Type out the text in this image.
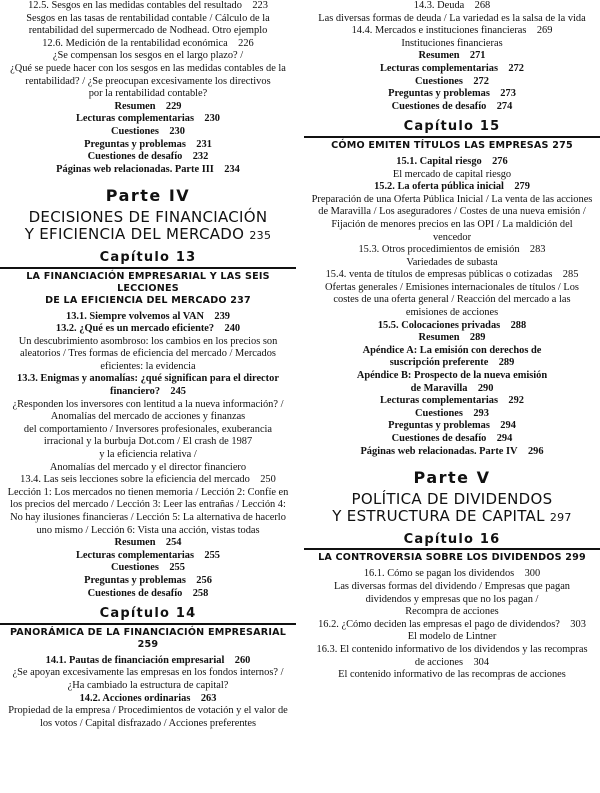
12.5. Sesgos en las medidas contables del resultado  223
Sesgos en las tasas de rentabilidad contable / Cálculo de la
rentabilidad del supermercado de Nodhead. Otro ejemplo
12.6. Medición de la rentabilidad económica  226
¿Se compensan los sesgos en el largo plazo? /
¿Qué se puede hacer con los sesgos en las medidas contables de la
rentabilidad? / ¿Se preocupan excesivamente los directivos
por la rentabilidad contable?
Resumen  229
Lecturas complementarias  230
Cuestiones  230
Preguntas y problemas  231
Cuestiones de desafío  232
Páginas web relacionadas. Parte III  234
Parte IV
DECISIONES DE FINANCIACIÓN
Y EFICIENCIA DEL MERCADO 235
Capítulo 13
LA FINANCIACIÓN EMPRESARIAL Y LAS SEIS LECCIONES
DE LA EFICIENCIA DEL MERCADO 237
13.1. Siempre volvemos al VAN  239
13.2. ¿Qué es un mercado eficiente?  240
Un descubrimiento asombroso: los cambios en los precios son
aleatorios / Tres formas de eficiencia del mercado / Mercados
eficientes: la evidencia
13.3. Enigmas y anomalías: ¿qué significan para el director
financiero?  245
¿Responden los inversores con lentitud a la nueva información? /
Anomalías del mercado de acciones y finanzas
del comportamiento / Inversores profesionales, exuberancia
irracional y la burbuja Dot.com / El crash de 1987
y la eficiencia relativa /
Anomalías del mercado y el director financiero
13.4. Las seis lecciones sobre la eficiencia del mercado  250
Lección 1: Los mercados no tienen memoria / Lección 2: Confíe en
los precios del mercado / Lección 3: Leer las entrañas / Lección 4:
No hay ilusiones financieras / Lección 5: La alternativa de hacerlo
uno mismo / Lección 6: Vista una acción, vistas todas
Resumen  254
Lecturas complementarias  255
Cuestiones  255
Preguntas y problemas  256
Cuestiones de desafío  258
Capítulo 14
PANORÁMICA DE LA FINANCIACIÓN EMPRESARIAL 259
14.1. Pautas de financiación empresarial  260
¿Se apoyan excesivamente las empresas en los fondos internos? /
¿Ha cambiado la estructura de capital?
14.2. Acciones ordinarias  263
Propiedad de la empresa / Procedimientos de votación y el valor de
los votos / Capital disfrazado / Acciones preferentes
14.3. Deuda  268
Las diversas formas de deuda / La variedad es la salsa de la vida
14.4. Mercados e instituciones financieras  269
Instituciones financieras
Resumen  271
Lecturas complementarias  272
Cuestiones  272
Preguntas y problemas  273
Cuestiones de desafío  274
Capítulo 15
CÓMO EMITEN TÍTULOS LAS EMPRESAS 275
15.1. Capital riesgo  276
El mercado de capital riesgo
15.2. La oferta pública inicial  279
Preparación de una Oferta Pública Inicial / La venta de las acciones
de Maravilla / Los aseguradores / Costes de una nueva emisión /
Fijación de menores precios en las OPI / La maldición del
vencedor
15.3. Otros procedimientos de emisión  283
Variedades de subasta
15.4. venta de títulos de empresas públicas o cotizadas  285
Ofertas generales / Emisiones internacionales de títulos / Los
costes de una oferta general / Reacción del mercado a las
emisiones de acciones
15.5. Colocaciones privadas  288
Resumen  289
Apéndice A: La emisión con derechos de
suscripción preferente  289
Apéndice B: Prospecto de la nueva emisión
de Maravilla  290
Lecturas complementarias  292
Cuestiones  293
Preguntas y problemas  294
Cuestiones de desafío  294
Páginas web relacionadas. Parte IV  296
Parte V
POLÍTICA DE DIVIDENDOS
Y ESTRUCTURA DE CAPITAL 297
Capítulo 16
LA CONTROVERSIA SOBRE LOS DIVIDENDOS 299
16.1. Cómo se pagan los dividendos  300
Las diversas formas del dividendo / Empresas que pagan
dividendos y empresas que no los pagan /
Recompra de acciones
16.2. ¿Cómo deciden las empresas el pago de dividendos?  303
El modelo de Lintner
16.3. El contenido informativo de los dividendos y las recompras
de acciones  304
El contenido informativo de las recompras de acciones
